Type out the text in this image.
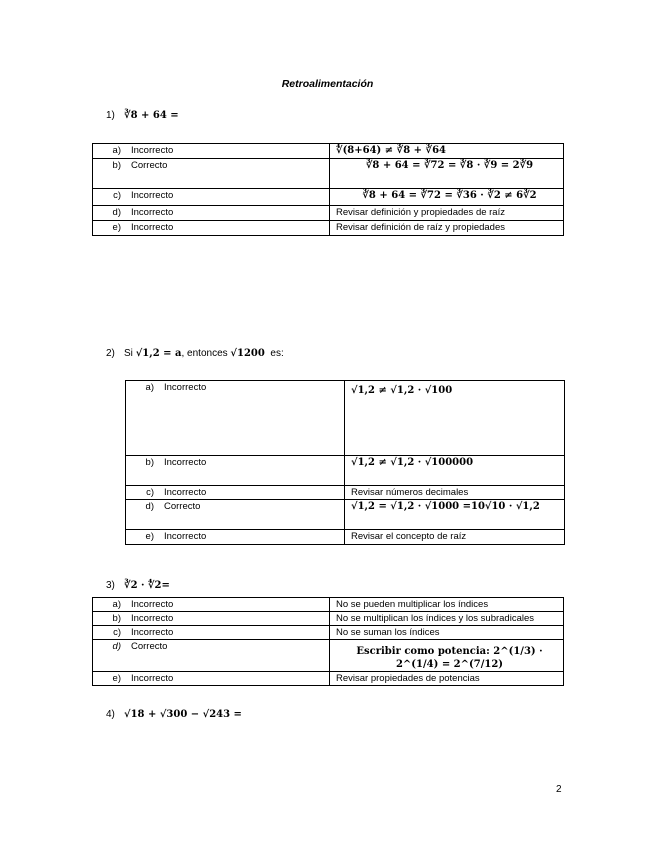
Retroalimentación
1) ∛8 + 64 =
a) Incorrecto	∜(8+64) ≠ ∛8 + ∛64
b) Correcto	∛8 + 64 = ∛72 = ∛8 · ∛9 = 2∛9
c) Incorrecto	∛8 + 64 = ∛72 = ∛36 · ∛2 ≠ 6∛2
d) Incorrecto	Revisar definición y propiedades de raíz
e) Incorrecto	Revisar definición de raíz y propiedades
2) Si
√1,2 = a , entonces
√1200
es:
a) Incorrecto	√1,2 ≠ √1,2 · √100
b) Incorrecto	√1,2 ≠ √1,2 · √100000
c) Incorrecto	Revisar números decimales
d) Correcto	√1,2 = √1,2 · √1000 =10√10 · √1,2
e) Incorrecto	Revisar el concepto de raíz
3) ∛2 · ∜2=
a) Incorrecto	No se pueden multiplicar los índices
b) Incorrecto	No se multiplican los índices y los subradicales
c) Incorrecto	No se suman los índices
d) Correcto	Escribir como potencia: 2^(1/3) · 2^(1/4) = 2^(7/12)
e) Incorrecto	Revisar propiedades de potencias
4) √18 + √300 − √243 =
2
